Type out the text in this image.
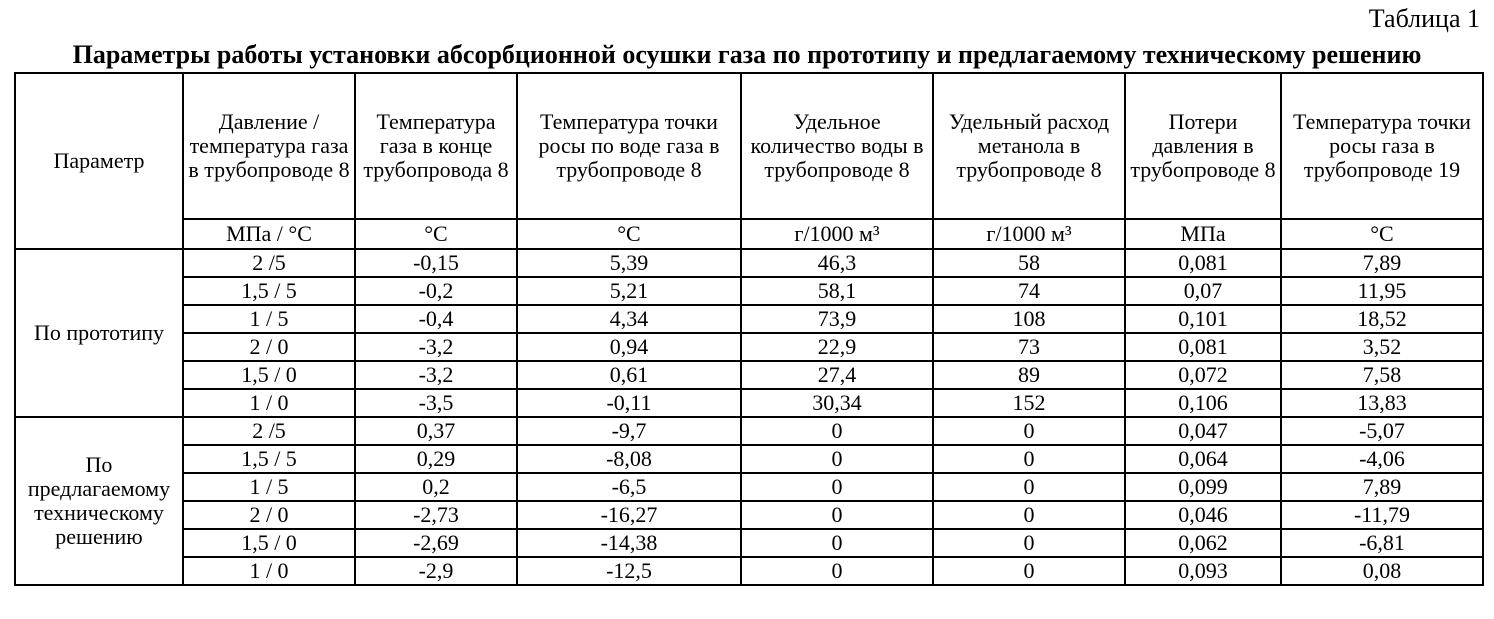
Таблица 1
Параметры работы установки абсорбционной осушки газа по прототипу и предлагаемому техническому решению
Параметр	Давление / температура газа в трубопроводе 8	Температура газа в конце трубопровода 8	Температура точки росы по воде газа в трубопроводе 8	Удельное количество воды в трубопроводе 8	Удельный расход метанола в трубопроводе 8	Потери давления в трубопроводе 8	Температура точки росы газа в трубопроводе 19
	МПа / °С	°С	°С	г/1000 м³	г/1000 м³	МПа	°С
По прототипу	2 /5	-0,15	5,39	46,3	58	0,081	7,89
	1,5 / 5	-0,2	5,21	58,1	74	0,07	11,95
	1 / 5	-0,4	4,34	73,9	108	0,101	18,52
	2 / 0	-3,2	0,94	22,9	73	0,081	3,52
	1,5 / 0	-3,2	0,61	27,4	89	0,072	7,58
	1 / 0	-3,5	-0,11	30,34	152	0,106	13,83
По предлагаемому техническому решению	2 /5	0,37	-9,7	0	0	0,047	-5,07
	1,5 / 5	0,29	-8,08	0	0	0,064	-4,06
	1 / 5	0,2	-6,5	0	0	0,099	7,89
	2 / 0	-2,73	-16,27	0	0	0,046	-11,79
	1,5 / 0	-2,69	-14,38	0	0	0,062	-6,81
	1 / 0	-2,9	-12,5	0	0	0,093	0,08
